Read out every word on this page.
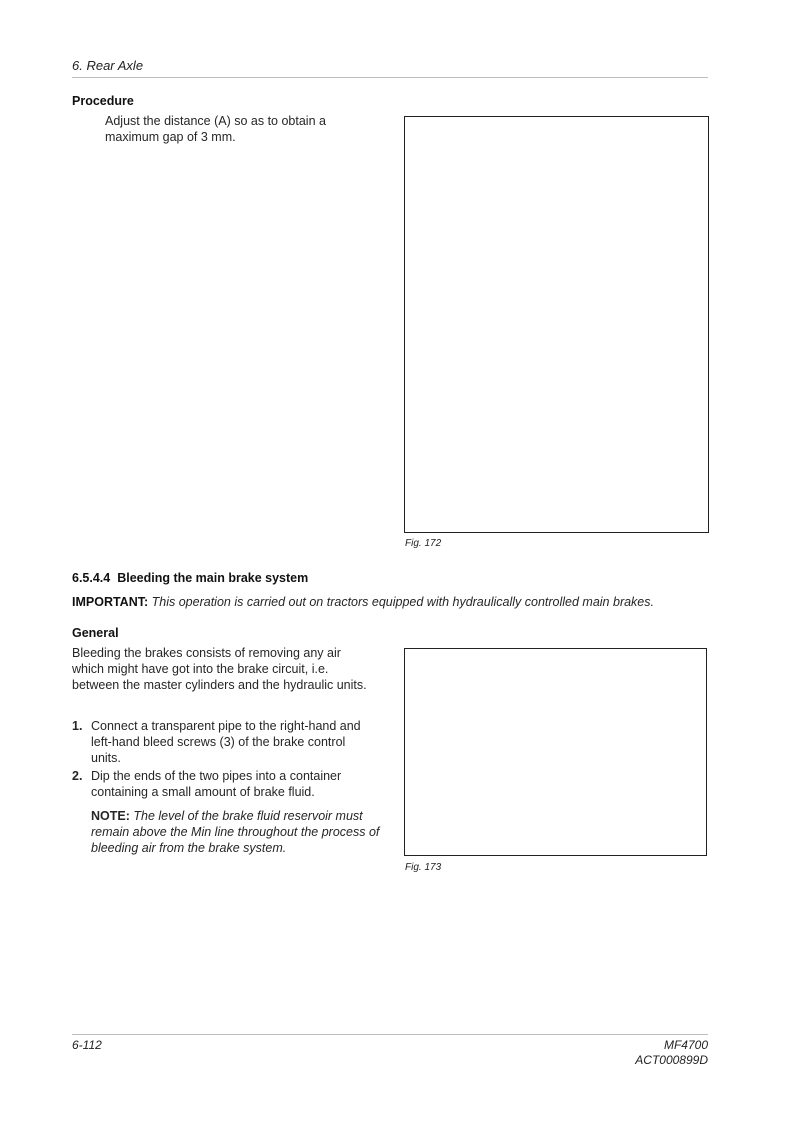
6. Rear Axle
Procedure
Adjust the distance (A) so as to obtain a maximum gap of 3 mm.
Fig. 172
6.5.4.4 Bleeding the main brake system
IMPORTANT: This operation is carried out on tractors equipped with hydraulically controlled main brakes.
General
Bleeding the brakes consists of removing any air which might have got into the brake circuit, i.e. between the master cylinders and the hydraulic units.
1. Connect a transparent pipe to the right-hand and left-hand bleed screws (3) of the brake control units.
2. Dip the ends of the two pipes into a container containing a small amount of brake fluid.
NOTE: The level of the brake fluid reservoir must remain above the Min line throughout the process of bleeding air from the brake system.
Fig. 173
6-112	MF4700
ACT000899D
